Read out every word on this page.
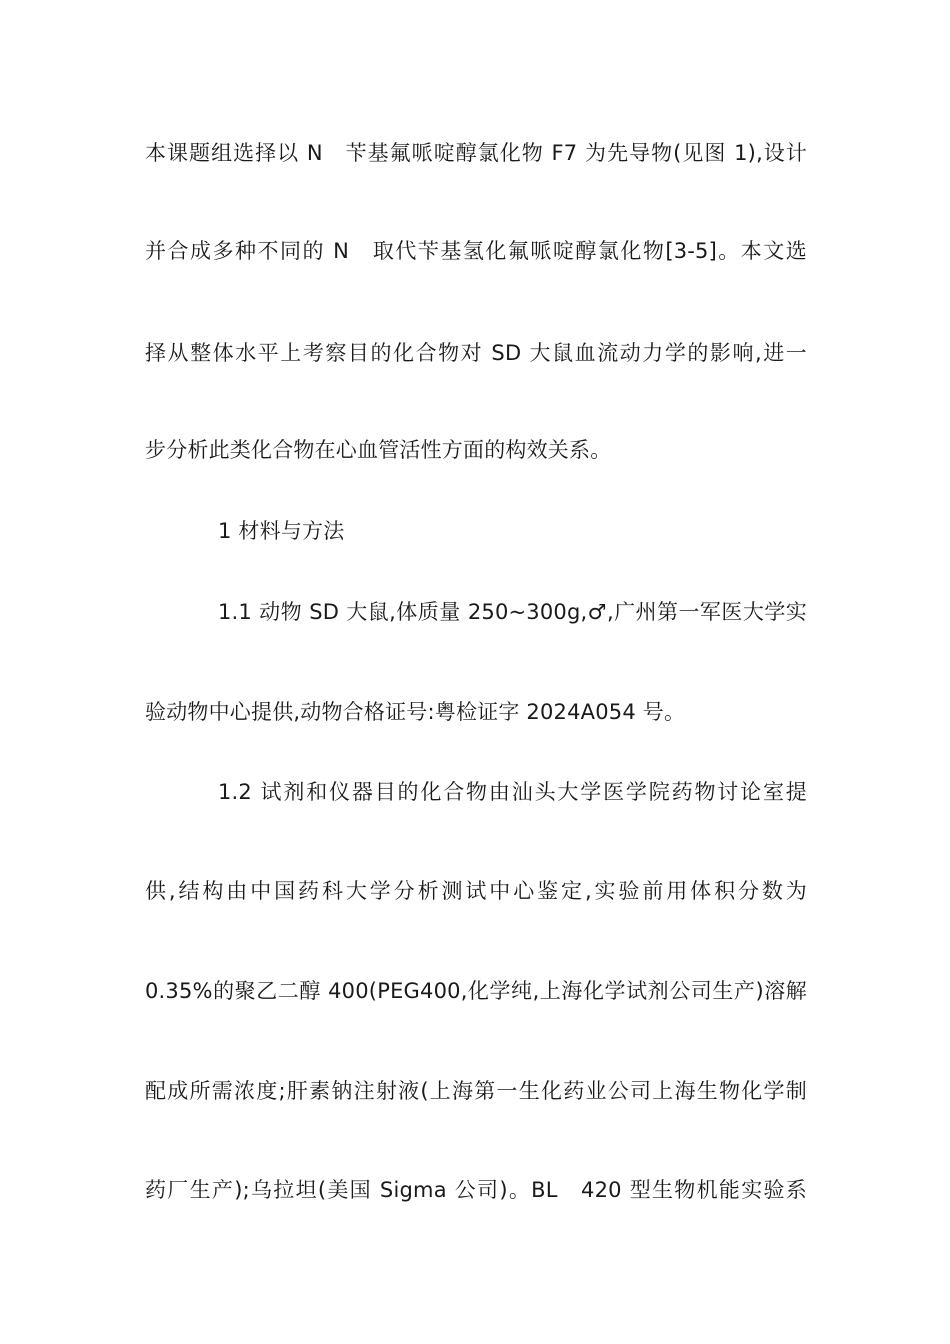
本课题组选择以 N　苄基氟哌啶醇氯化物 F7 为先导物(见图 1),设计
并合成多种不同的 N　取代苄基氢化氟哌啶醇氯化物[3-5]。本文选
择从整体水平上考察目的化合物对 SD 大鼠血流动力学的影响,进一
步分析此类化合物在心血管活性方面的构效关系。
1 材料与方法
1.1 动物 SD 大鼠,体质量 250~300g,♂,广州第一军医大学实
验动物中心提供,动物合格证号:粤检证字 2024A054 号。
1.2 试剂和仪器目的化合物由汕头大学医学院药物讨论室提
供,结构由中国药科大学分析测试中心鉴定,实验前用体积分数为
0.35%的聚乙二醇 400(PEG400,化学纯,上海化学试剂公司生产)溶解
配成所需浓度;肝素钠注射液(上海第一生化药业公司上海生物化学制
药厂生产);乌拉坦(美国 Sigma 公司)。BL　420 型生物机能实验系
